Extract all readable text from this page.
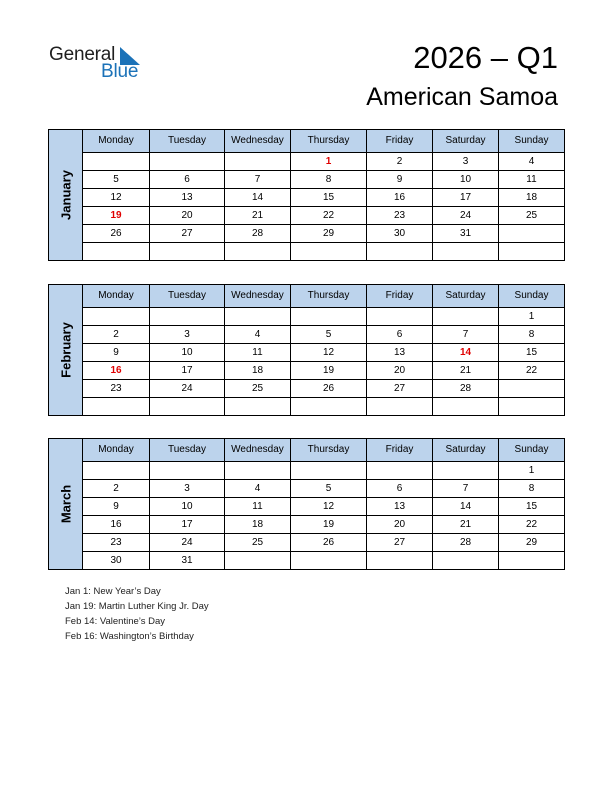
General
Blue	2026 – Q1
American Samoa
January	Monday	Tuesday	Wednesday	Thursday	Friday	Saturday	Sunday
				1	2	3	4
	5	6	7	8	9	10	11
	12	13	14	15	16	17	18
	19	20	21	22	23	24	25
	26	27	28	29	30	31	

February	Monday	Tuesday	Wednesday	Thursday	Friday	Saturday	Sunday
							1
	2	3	4	5	6	7	8
	9	10	11	12	13	14	15
	16	17	18	19	20	21	22
	23	24	25	26	27	28	

March	Monday	Tuesday	Wednesday	Thursday	Friday	Saturday	Sunday
							1
	2	3	4	5	6	7	8
	9	10	11	12	13	14	15
	16	17	18	19	20	21	22
	23	24	25	26	27	28	29
	30	31					
Jan 1: New Year’s Day
Jan 19: Martin Luther King Jr. Day
Feb 14: Valentine’s Day
Feb 16: Washington’s Birthday
